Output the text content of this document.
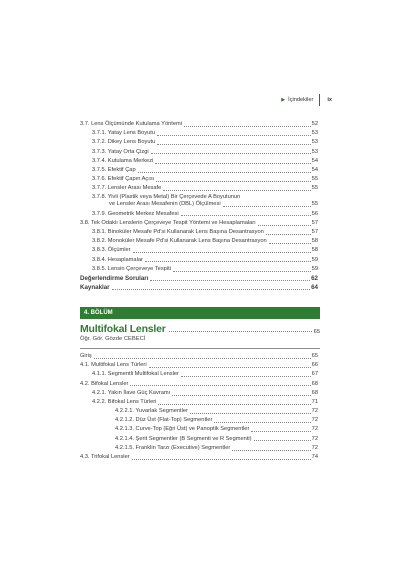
▶ İçindekiler	ix
3.7. Lens Ölçümünde Kutulama Yöntemi	52
3.7.1. Yatay Lens Boyutu	53
3.7.2. Dikey Lens Boyutu	53
3.7.3. Yatay Orta Çizgi	53
3.7.4. Kutulama Merkezi	54
3.7.5. Efektif Çap	54
3.7.6. Efektif Çapın Açısı	55
3.7.7. Lensler Arası Mesafe	55
3.7.8. Yivli (Plastik veya Metal) Bir Çerçevede A Boyutunun
ve Lensler Arası Mesafenin (DBL) Ölçülmesi	55
3.7.9. Geometrik Merkez Mesafesi	56
3.8. Tek Odaklı Lenslerin Çerçeveye Tespit Yöntemi ve Hesaplamaları	57
3.8.1. Binoküler Mesafe Pd'si Kullanarak Lens Başına Desantrasyon	57
3.8.2. Monoküler Mesafe Pd'si Kullanarak Lens Başına Desantrasyon	58
3.8.3. Ölçümler	58
3.8.4. Hesaplamalar	59
3.8.5. Lensin Çerçeveye Tespiti	59
Değerlendirme Soruları	62
Kaynaklar	64
4. BÖLÜM
Multifokal Lensler	65
Öğr. Gör. Gözde CEBECİ
Giriş	65
4.1. Multifokal Lens Türleri	66
4.1.1. Segmentli Multifokal Lensler	67
4.2. Bifokal Lensler	68
4.2.1. Yakın İlave Güç Kavramı	68
4.2.2. Bifokal Lens Türleri	71
4.2.2.1. Yuvarlak Segmentler	72
4.2.1.2. Düz Üst (Flat-Top) Segmentler	72
4.2.1.3. Curve-Top (Eğri Üst) ve Panoptik Segmentler	72
4.2.1.4. Şerit Segmentler (B Segmenti ve R Segmenti)	72
4.2.1.5. Franklin Tarzı (Executive) Segmentler	72
4.3. Trifokal Lensler	74
